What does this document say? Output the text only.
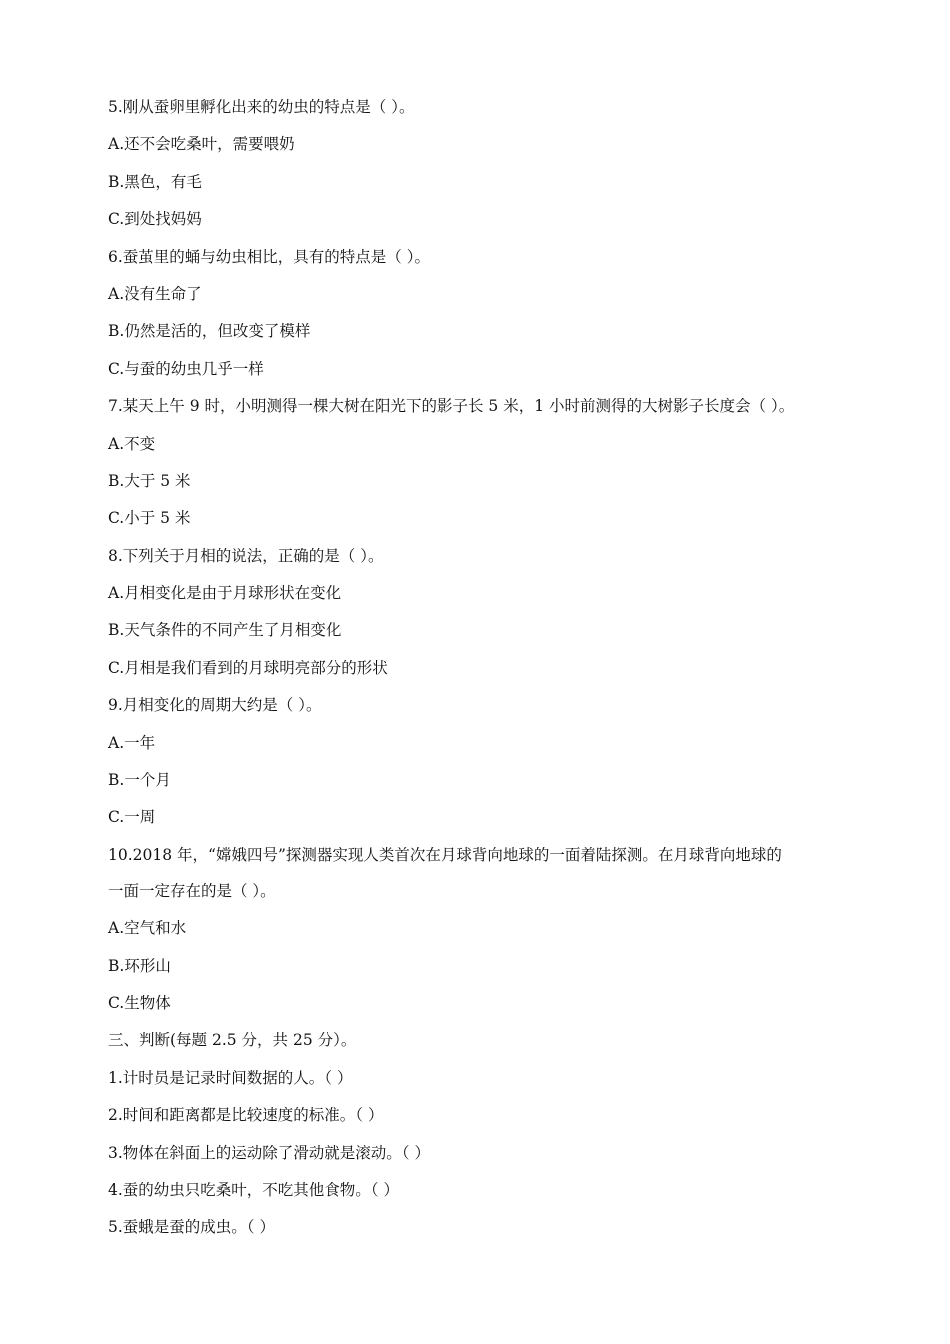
5.刚从蚕卵里孵化出来的幼虫的特点是（ ）。
A.还不会吃桑叶，需要喂奶
B.黑色，有毛
C.到处找妈妈
6.蚕茧里的蛹与幼虫相比，具有的特点是（ ）。
A.没有生命了
B.仍然是活的，但改变了模样
C.与蚕的幼虫几乎一样
7.某天上午 9 时，小明测得一棵大树在阳光下的影子长 5 米，1 小时前测得的大树影子长度会（ ）。
A.不变
B.大于 5 米
C.小于 5 米
8.下列关于月相的说法，正确的是（ ）。
A.月相变化是由于月球形状在变化
B.天气条件的不同产生了月相变化
C.月相是我们看到的月球明亮部分的形状
9.月相变化的周期大约是（ ）。
A.一年
B.一个月
C.一周
10.2018 年，“嫦娥四号”探测器实现人类首次在月球背向地球的一面着陆探测。在月球背向地球的
一面一定存在的是（ ）。
A.空气和水
B.环形山
C.生物体
三、判断(每题 2.5 分，共 25 分）。
1.计时员是记录时间数据的人。（ ）
2.时间和距离都是比较速度的标准。（ ）
3.物体在斜面上的运动除了滑动就是滚动。（ ）
4.蚕的幼虫只吃桑叶，不吃其他食物。（ ）
5.蚕蛾是蚕的成虫。（ ）
